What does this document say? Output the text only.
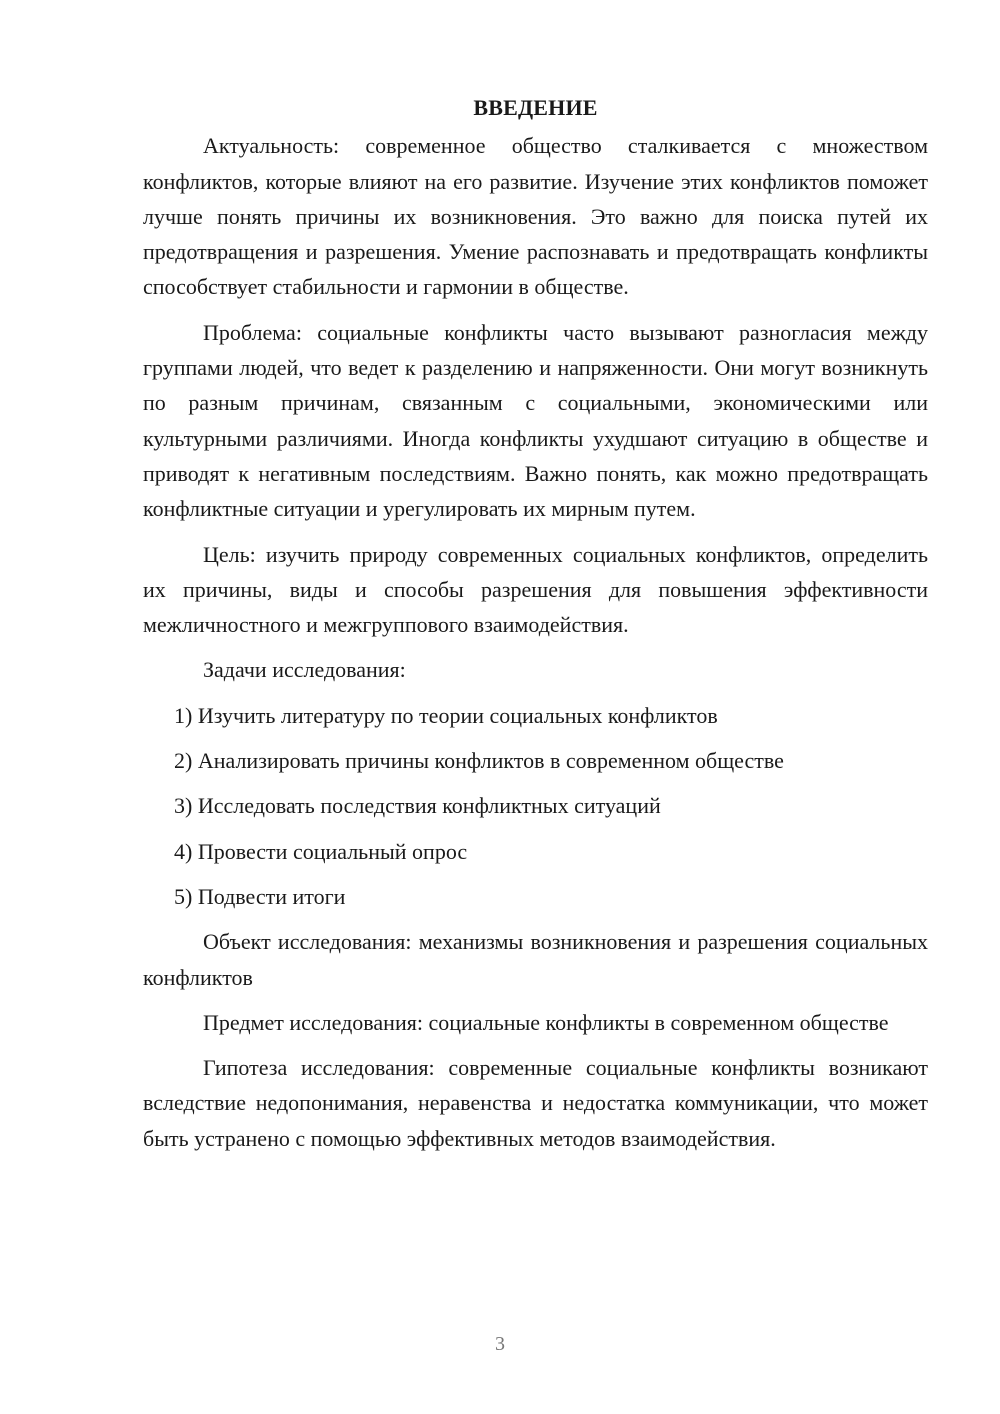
ВВЕДЕНИЕ

Актуальность: современное общество сталкивается с множеством конфликтов, которые влияют на его развитие. Изучение этих конфликтов поможет лучше понять причины их возникновения. Это важно для поиска путей их предотвращения и разрешения. Умение распознавать и предотвращать конфликты способствует стабильности и гармонии в обществе.

Проблема: социальные конфликты часто вызывают разногласия между группами людей, что ведет к разделению и напряженности. Они могут возникнуть по разным причинам, связанным с социальными, экономическими или культурными различиями. Иногда конфликты ухудшают ситуацию в обществе и приводят к негативным последствиям. Важно понять, как можно предотвращать конфликтные ситуации и урегулировать их мирным путем.

Цель: изучить природу современных социальных конфликтов, определить их причины, виды и способы разрешения для повышения эффективности межличностного и межгруппового взаимодействия.

Задачи исследования:

1) Изучить литературу по теории социальных конфликтов

2) Анализировать причины конфликтов в современном обществе

3) Исследовать последствия конфликтных ситуаций

4) Провести социальный опрос

5) Подвести итоги

Объект исследования: механизмы возникновения и разрешения социальных конфликтов

Предмет исследования: социальные конфликты в современном обществе

Гипотеза исследования: современные социальные конфликты возникают вследствие недопонимания, неравенства и недостатка коммуникации, что может быть устранено с помощью эффективных методов взаимодействия.

3
